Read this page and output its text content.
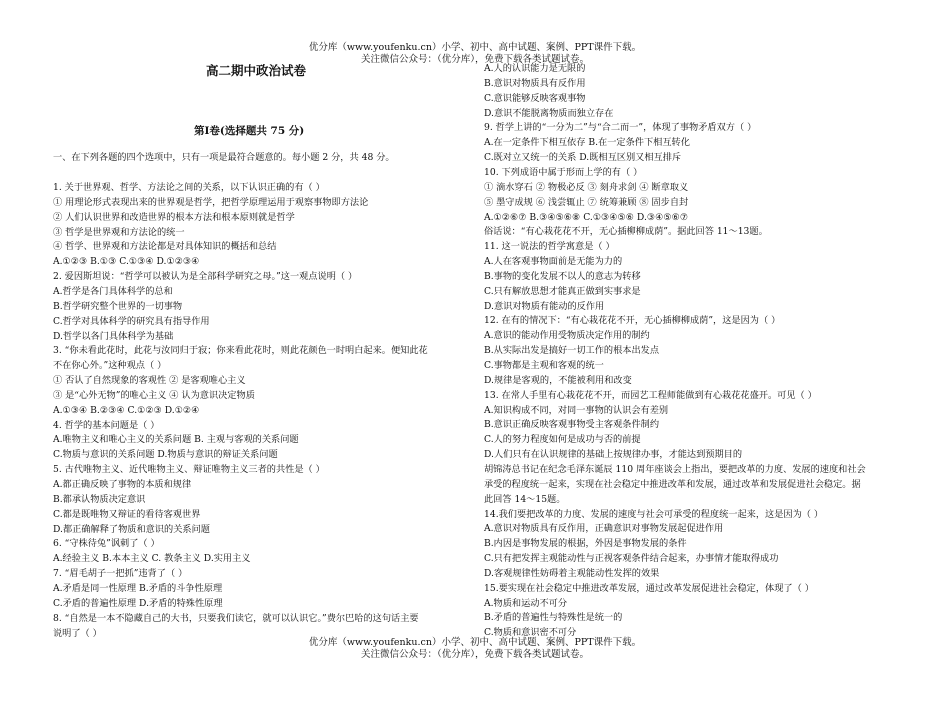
优分库（www.youfenku.cn）小学、初中、高中试题、案例、PPT课件下载。
关注微信公众号：（优分库），免费下载各类试题试卷。
高二期中政治试卷
第Ⅰ卷(选择题共 75 分)
一、在下列各题的四个选项中，只有一项是最符合题意的。每小题 2 分，共 48 分。
1. 关于世界观、哲学、方法论之间的关系，以下认识正确的有（ ）
① 用理论形式表现出来的世界观是哲学，把哲学原理运用于观察事物即方法论
② 人们认识世界和改造世界的根本方法和根本原则就是哲学
③ 哲学是世界观和方法论的统一
④ 哲学、世界观和方法论都是对具体知识的概括和总结
A.①②③ B.①③ C.①③④ D.①②③④
2. 爱因斯坦说：“哲学可以被认为是全部科学研究之母。”这一观点说明（ ）
A.哲学是各门具体科学的总和
B.哲学研究整个世界的一切事物
C.哲学对具体科学的研究具有指导作用
D.哲学以各门具体科学为基础
3. “你未看此花时，此花与汝同归于寂；你来看此花时，则此花颜色一时明白起来。便知此花
不在你心外。”这种观点（ ）
① 否认了自然现象的客观性 ② 是客观唯心主义
③ 是“心外无物”的唯心主义 ④ 认为意识决定物质
A.①③④ B.②③④ C.①②③ D.①②④
4. 哲学的基本问题是（ ）
A.唯物主义和唯心主义的关系问题 B. 主观与客观的关系问题
C.物质与意识的关系问题 D.物质与意识的辩证关系问题
5. 古代唯物主义、近代唯物主义、辩证唯物主义三者的共性是（ ）
A.都正确反映了事物的本质和规律
B.都承认物质决定意识
C.都是既唯物又辩证的看待客观世界
D.都正确解释了物质和意识的关系问题
6. “守株待兔”讽刺了（ ）
A.经验主义 B.本本主义 C. 教条主义 D.实用主义
7. “眉毛胡子一把抓”违背了（ ）
A.矛盾是同一性原理 B.矛盾的斗争性原理
C.矛盾的普遍性原理 D.矛盾的特殊性原理
8. “自然是一本不隐藏自己的大书，只要我们读它，就可以认识它。”费尔巴哈的这句话主要
说明了（ ）
A.人的认识能力是无限的
B.意识对物质具有反作用
C.意识能够反映客观事物
D.意识不能脱离物质而独立存在
9. 哲学上讲的“一分为二”与“合二而一”，体现了事物矛盾双方（ ）
A.在一定条件下相互依存 B.在一定条件下相互转化
C.既对立又统一的关系 D.既相互区别又相互排斥
10. 下列成语中属于形而上学的有（ ）
① 滴水穿石 ② 物极必反 ③ 刻舟求剑 ④ 断章取义
⑤ 墨守成规 ⑥ 浅尝辄止 ⑦ 统筹兼顾 ⑧ 固步自封
A.①②⑥⑦ B.③④⑤⑥⑧ C.①③④⑤⑥ D.③④⑤⑥⑦
俗话说：“有心栽花花不开，无心插柳柳成荫”。据此回答 11～13题。
11. 这一说法的哲学寓意是（ ）
A.人在客观事物面前是无能为力的
B.事物的变化发展不以人的意志为转移
C.只有解放思想才能真正做到实事求是
D.意识对物质有能动的反作用
12. 在有的情况下：“有心栽花花不开，无心插柳柳成荫”，这是因为（ ）
A.意识的能动作用受物质决定作用的制约
B.从实际出发是搞好一切工作的根本出发点
C.事物都是主观和客观的统一
D.规律是客观的，不能被利用和改变
13. 在常人手里有心栽花花不开，而园艺工程师能做到有心栽花花盛开。可见（ ）
A.知识构成不同，对同一事物的认识会有差别
B.意识正确反映客观事物受主客观条件制约
C.人的努力程度如何是成功与否的前提
D.人们只有在认识规律的基础上按规律办事，才能达到预期目的
胡锦涛总书记在纪念毛泽东诞辰 110 周年座谈会上指出，要把改革的力度、发展的速度和社会
承受的程度统一起来，实现在社会稳定中推进改革和发展，通过改革和发展促进社会稳定。据
此回答 14～15题。
14.我们要把改革的力度、发展的速度与社会可承受的程度统一起来，这是因为（ ）
A.意识对物质具有反作用，正确意识对事物发展起促进作用
B.内因是事物发展的根据，外因是事物发展的条件
C.只有把发挥主观能动性与正视客观条件结合起来，办事情才能取得成功
D.客观规律性妨碍着主观能动性发挥的效果
15.要实现在社会稳定中推进改革发展，通过改革发展促进社会稳定，体现了（ ）
A.物质和运动不可分
B.矛盾的普遍性与特殊性是统一的
C.物质和意识密不可分
优分库（www.youfenku.cn）小学、初中、高中试题、案例、PPT课件下载。
关注微信公众号：（优分库），免费下载各类试题试卷。
